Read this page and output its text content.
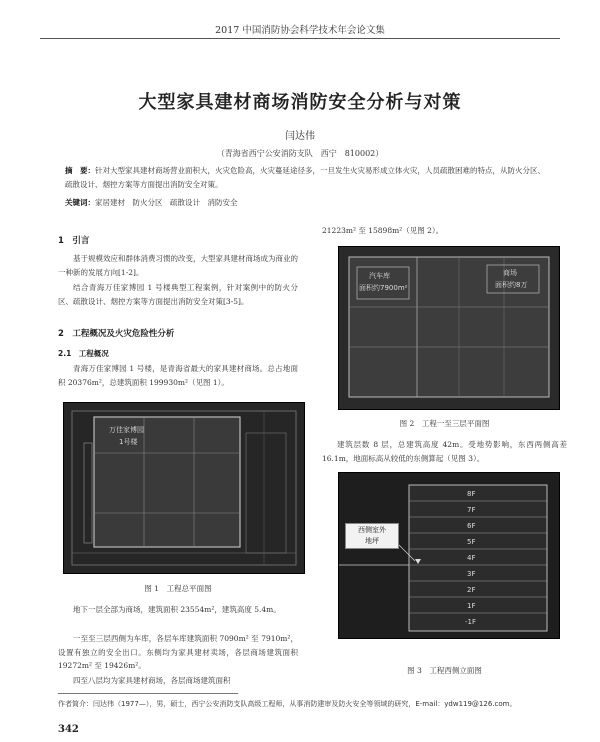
2017 中国消防协会科学技术年会论文集
大型家具建材商场消防安全分析与对策
闫达伟
（青海省西宁公安消防支队　西宁　810002）
摘　要：针对大型家具建材商场营业面积大，火灾危险高，火灾蔓延途径多，一旦发生火灾易形成立体火灾，人员疏散困难的特点，从防火分区、疏散设计、烟控方案等方面提出消防安全对策。
关键词：家居建材　防火分区　疏散设计　消防安全
1　引言
基于规模效应和群体消费习惯的改变，大型家具建材商场成为商业的一种新的发展方向[1-2]。
结合青海万佳家博园 1 号楼典型工程案例，针对案例中的防火分区、疏散设计、烟控方案等方面提出消防安全对策[3-5]。
2　工程概况及火灾危险性分析
2.1　工程概况
青海万佳家博园 1 号楼，是青海省最大的家具建材商场。总占地面积 20376m²，总建筑面积 199930m²（见图 1）。
万佳家博园
1号楼
图 1　工程总平面图
地下一层全部为商场，建筑面积 23554m²，建筑高度 5.4m。
一至至三层西侧为车库，各层车库建筑面积 7090m² 至 7910m²，设置有独立的安全出口。东侧均为家具建材卖场，各层商场建筑面积 19272m² 至 19426m²。
四至八层均为家具建材商场，各层商场建筑面积
21223m² 至 15898m²（见图 2）。
汽车库
面积约7900m²
商场
面积约8万
图 2　工程一至三层平面图
建筑层数 8 层，总建筑高度 42m。受地势影响，东西两侧高差 16.1m，地面标高从较低的东侧算起（见图 3）。
西侧室外
地坪
8F
7F
6F
5F
4F
3F
2F
1F
-1F
图 3　工程西侧立面图
作者简介：闫达伟（1977—），男，硕士，西宁公安消防支队高级工程师，从事消防建审及防火安全等领域的研究，E-mail：ydw119@126.com。
342
